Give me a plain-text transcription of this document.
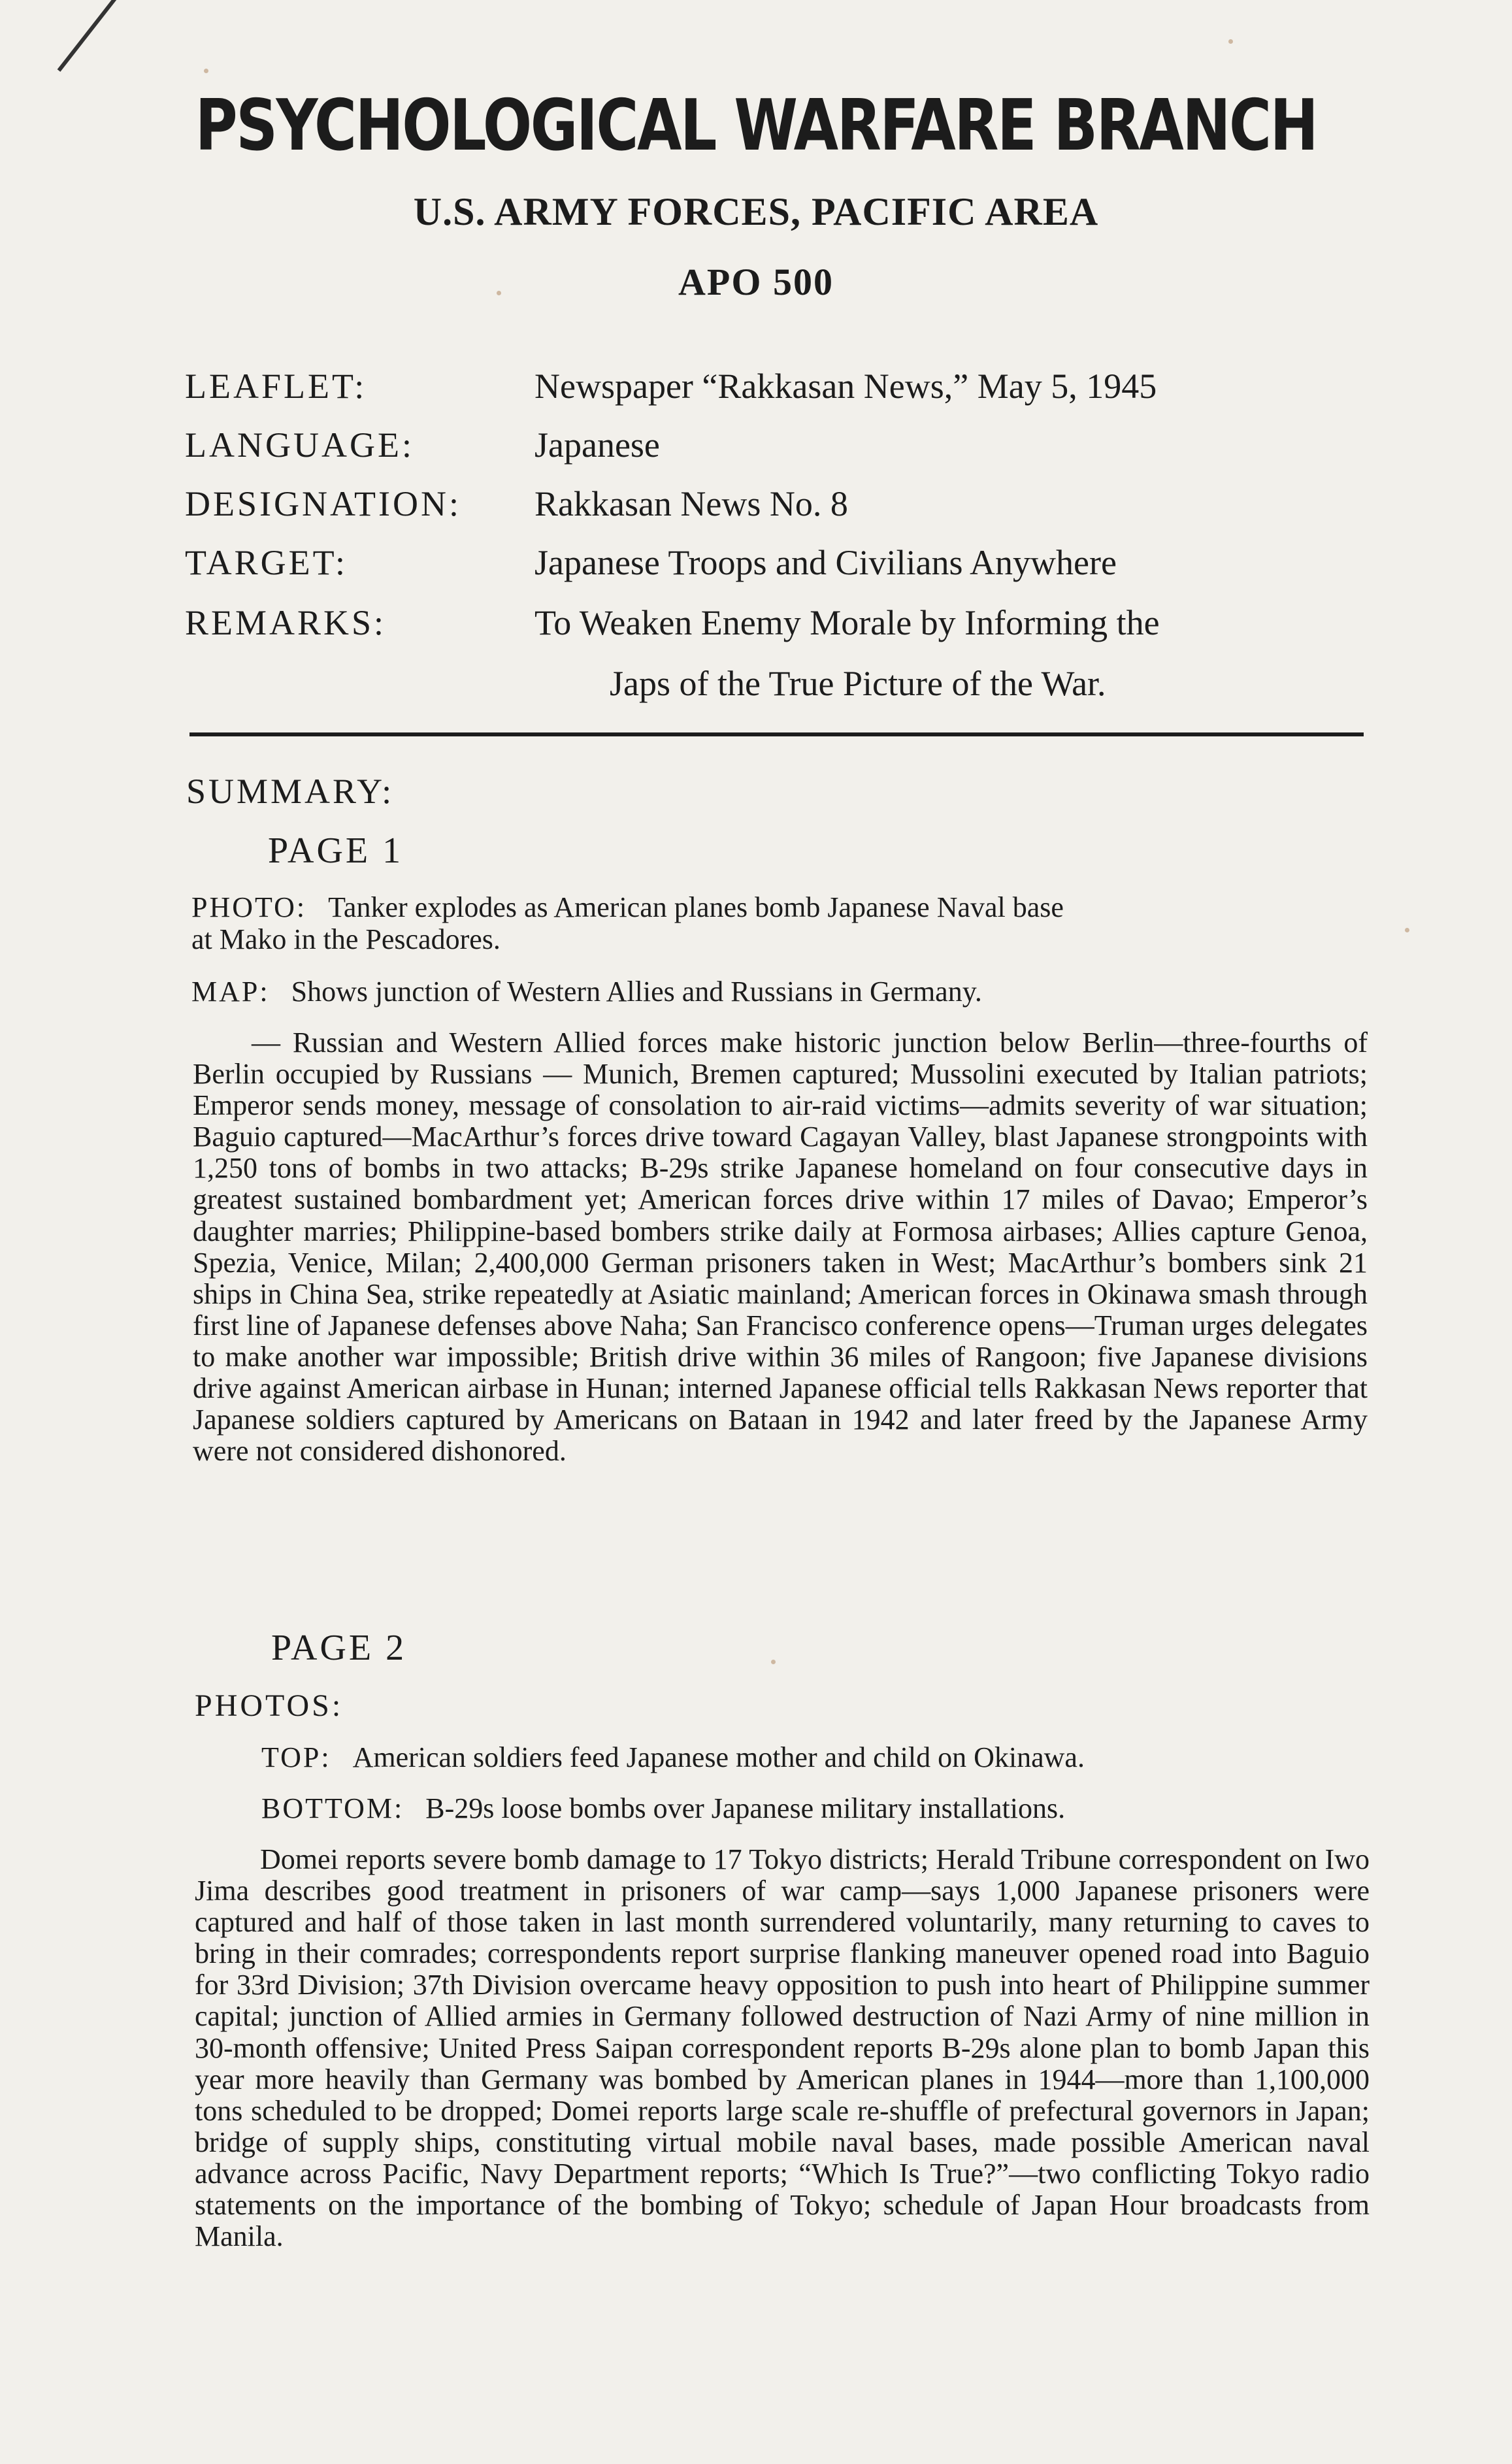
PSYCHOLOGICAL WARFARE BRANCH
U.S. ARMY FORCES, PACIFIC AREA
APO 500
LEAFLET:	Newspaper “Rakkasan News,” May 5, 1945
LANGUAGE:	Japanese
DESIGNATION: Rakkasan News No. 8
TARGET:	Japanese Troops and Civilians Anywhere
REMARKS:	To Weaken Enemy Morale by Informing the
Japs of the True Picture of the War.
SUMMARY:
PAGE 1
PHOTO: Tanker explodes as American planes bomb Japanese Naval base
at Mako in the Pescadores.
MAP: Shows junction of Western Allies and Russians in Germany.
— Russian and Western Allied forces make historic junction below Berlin—three-fourths of Berlin occupied by Russians — Munich, Bremen captured; Mussolini executed by Italian patriots; Emperor sends money, message of consolation to air-raid victims—admits severity of war situation; Baguio captured—MacArthur’s forces drive toward Cagayan Valley, blast Japanese strongpoints with 1,250 tons of bombs in two attacks; B-29s strike Japanese homeland on four consecutive days in greatest sustained bombardment yet; American forces drive within 17 miles of Davao; Emperor’s daughter marries; Philippine-based bombers strike daily at Formosa airbases; Allies capture Genoa, Spezia, Venice, Milan; 2,400,000 German prisoners taken in West; MacArthur’s bombers sink 21 ships in China Sea, strike repeatedly at Asiatic mainland; American forces in Okinawa smash through first line of Japanese defenses above Naha; San Francisco conference opens—Truman urges delegates to make another war impossible; British drive within 36 miles of Rangoon; five Japanese divisions drive against American airbase in Hunan; interned Japanese official tells Rakkasan News reporter that Japanese soldiers captured by Americans on Bataan in 1942 and later freed by the Japanese Army were not considered dishonored.
PAGE 2
PHOTOS:
TOP: American soldiers feed Japanese mother and child on Okinawa.
BOTTOM: B-29s loose bombs over Japanese military installations.
Domei reports severe bomb damage to 17 Tokyo districts; Herald Tribune correspondent on Iwo Jima describes good treatment in prisoners of war camp—says 1,000 Japanese prisoners were captured and half of those taken in last month surrendered voluntarily, many returning to caves to bring in their comrades; correspondents report surprise flanking maneuver opened road into Baguio for 33rd Division; 37th Division overcame heavy opposition to push into heart of Philippine summer capital; junction of Allied armies in Germany followed destruction of Nazi Army of nine million in 30-month offensive; United Press Saipan correspondent reports B-29s alone plan to bomb Japan this year more heavily than Germany was bombed by American planes in 1944—more than 1,100,000 tons scheduled to be dropped; Domei reports large scale re-shuffle of prefectural governors in Japan; bridge of supply ships, constituting virtual mobile naval bases, made possible American naval advance across Pacific, Navy Department reports; “Which Is True?”—two conflicting Tokyo radio statements on the importance of the bombing of Tokyo; schedule of Japan Hour broadcasts from Manila.
